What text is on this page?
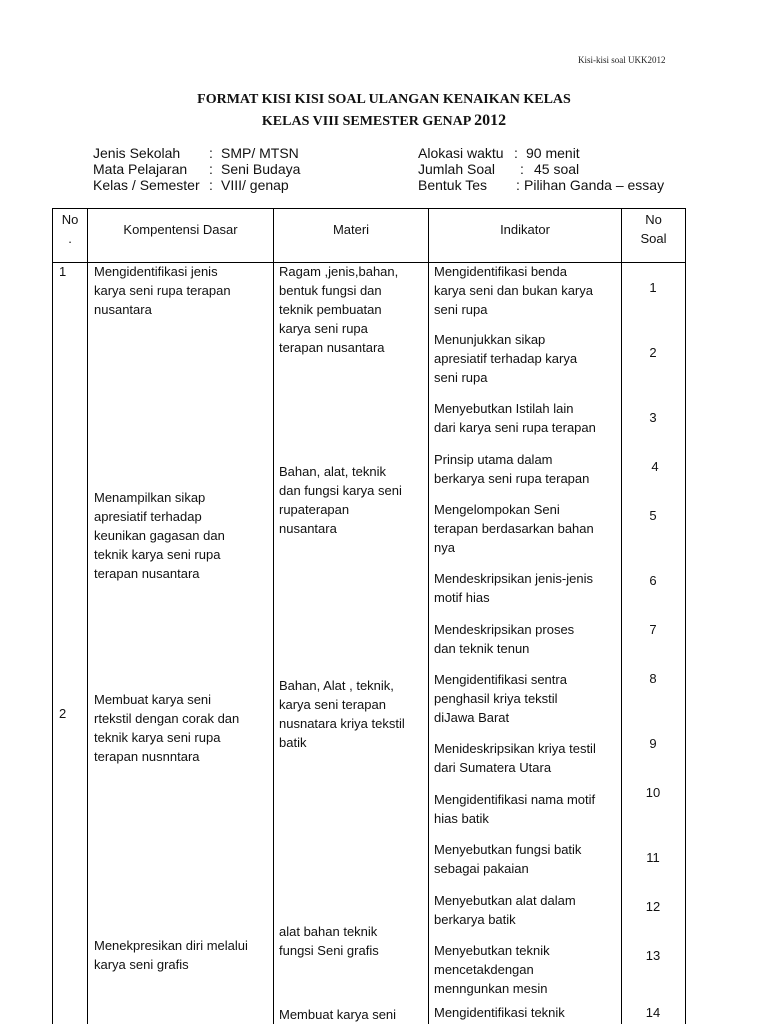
Kisi-kisi soal UKK2012
FORMAT KISI KISI SOAL ULANGAN KENAIKAN KELAS
KELAS VIII SEMESTER GENAP 2012
Jenis Sekolah : SMP/ MTSN
Mata Pelajaran : Seni Budaya
Kelas / Semester : VIII/ genap
Alokasi waktu : 90 menit
Jumlah Soal : 45 soal
Bentuk Tes : Pilihan Ganda – essay
No
.
Kompentensi Dasar	Materi	Indikator
No
Soal
1
2
Mengidentifikasi jenis
karya seni rupa terapan
nusantara
Menampilkan sikap
apresiatif terhadap
keunikan gagasan dan
teknik karya seni rupa
terapan nusantara
Membuat karya seni
rtekstil dengan corak dan
teknik karya seni rupa
terapan nusnntara
Menekpresikan diri melalui
karya seni grafis
Ragam ,jenis,bahan,
bentuk fungsi dan
teknik pembuatan
karya seni rupa
terapan nusantara
Bahan, alat, teknik
dan fungsi karya seni
rupaterapan
nusantara
Bahan, Alat , teknik,
karya seni terapan
nusnatara kriya tekstil
batik
alat bahan teknik
fungsi Seni grafis
Membuat karya seni
Mengidentifikasi benda
karya seni dan bukan karya
seni rupa
Menunjukkan sikap
apresiatif terhadap karya
seni rupa
Menyebutkan Istilah lain
dari karya seni rupa terapan
Prinsip utama dalam
berkarya seni rupa terapan
Mengelompokan Seni
terapan berdasarkan bahan
nya
Mendeskripsikan jenis-jenis
motif hias
Mendeskripsikan proses
dan teknik tenun
Mengidentifikasi sentra
penghasil kriya tekstil
diJawa Barat
Menideskripsikan kriya testil
dari Sumatera Utara
Mengidentifikasi nama motif
hias batik
Menyebutkan fungsi batik
sebagai pakaian
Menyebutkan alat dalam
berkarya batik
Menyebutkan teknik
mencetakdengan
menngunkan mesin
Mengidentifikasi teknik
1
2
3
4
5
6
7
8
9
10
11
12
13
14
